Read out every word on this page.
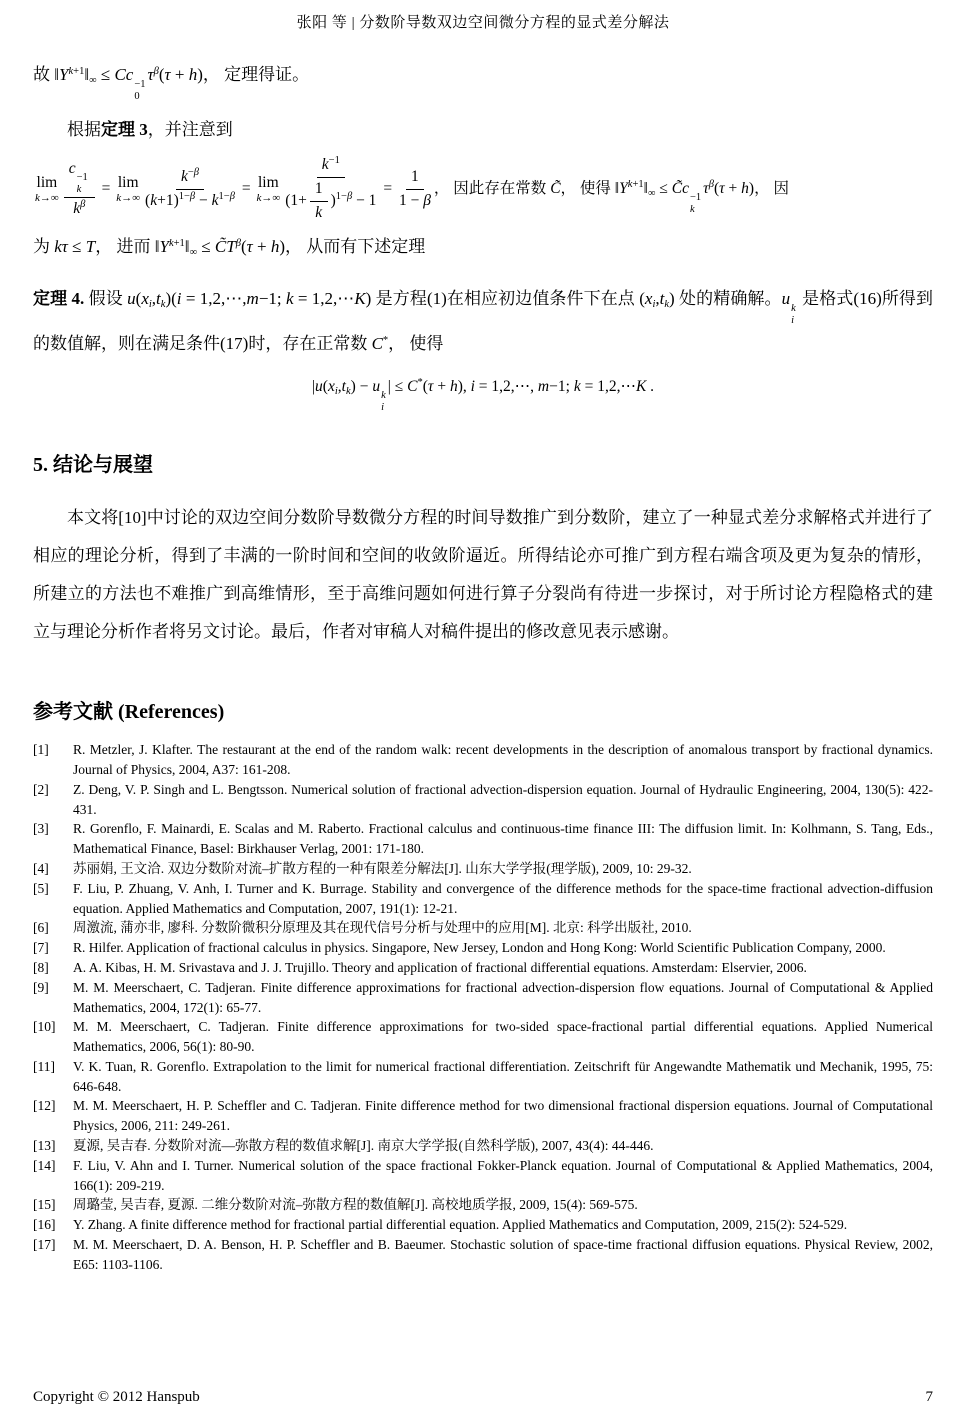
张阳 等 | 分数阶导数双边空间微分方程的显式差分解法

故 $‖Y^{k+1}‖_\infty \le Cc$
−1
0
$\tau^\beta(\tau + h)$， 定理得证。

根据定理 3，并注意到

lim
k→∞ c
−1
k
$k^\beta = \lim$
$k\to\infty \frac{k^{-\beta}}{(k+1)^{1-\beta} - k^{1-\beta}} = \lim$
$k\to\infty \frac{k^{-1}}{(1+ \frac{1}{k} )^{1-\beta} - 1} = \frac{1}{1 - \beta}$ ， 因此存在常数 C̃， 使得 $‖Y^{k+1}‖_\infty$ ≤ C̃c
−1
k
$\tau^\beta(\tau + h)$， 因

为 kτ ≤ T， 进而 $‖Y^{k+1}‖_\infty$ ≤ $C̃T^\beta(\tau + h)$， 从而有下述定理

定理 4. 假设 $u(x_i,t_k)(i$ = 1,2,⋯,m−1; k = 1,2,⋯K) 是方程(1)在相应初边值条件下在点 $(x_i,t_k)$ 处的精确解。u
k
i
是格式(16)所得到的数值解，则在满足条件(17)时，存在正常数 C*， 使得

$|u(x_i,t_k) - u$
k
i
| ≤ C*(τ + h), i = 1,2,⋯, m−1; k = 1,2,⋯K .
5. 结论与展望

本文将[10]中讨论的双边空间分数阶导数微分方程的时间导数推广到分数阶，建立了一种显式差分求解格式并进行了相应的理论分析，得到了丰满的一阶时间和空间的收敛阶逼近。所得结论亦可推广到方程右端含项及更为复杂的情形，所建立的方法也不难推广到高维情形，至于高维问题如何进行算子分裂尚有待进一步探讨，对于所讨论方程隐格式的建立与理论分析作者将另文讨论。最后，作者对审稿人对稿件提出的修改意见表示感谢。

参考文献 (References)
[1]	R. Metzler, J. Klafter. The restaurant at the end of the random walk: recent developments in the description of anomalous transport by fractional dynamics. Journal of Physics, 2004, A37: 161-208.
[2]	Z. Deng, V. P. Singh and L. Bengtsson. Numerical solution of fractional advection-dispersion equation. Journal of Hydraulic Engineering, 2004, 130(5): 422-431.
[3]	R. Gorenflo, F. Mainardi, E. Scalas and M. Raberto. Fractional calculus and continuous-time finance III: The diffusion limit. In: Kolhmann, S. Tang, Eds., Mathematical Finance, Basel: Birkhauser Verlag, 2001: 171-180.
[4]	苏丽娟, 王文洽. 双边分数阶对流–扩散方程的一种有限差分解法[J]. 山东大学学报(理学版), 2009, 10: 29-32.
[5]	F. Liu, P. Zhuang, V. Anh, I. Turner and K. Burrage. Stability and convergence of the difference methods for the space-time fractional advection-diffusion equation. Applied Mathematics and Computation, 2007, 191(1): 12-21.
[6]	周激流, 蒲亦非, 廖科. 分数阶微积分原理及其在现代信号分析与处理中的应用[M]. 北京: 科学出版社, 2010.
[7]	R. Hilfer. Application of fractional calculus in physics. Singapore, New Jersey, London and Hong Kong: World Scientific Publication Company, 2000.
[8]	A. A. Kibas, H. M. Srivastava and J. J. Trujillo. Theory and application of fractional differential equations. Amsterdam: Elservier, 2006.
[9]	M. M. Meerschaert, C. Tadjeran. Finite difference approximations for fractional advection-dispersion flow equations. Journal of Computational & Applied Mathematics, 2004, 172(1): 65-77.
[10]	M. M. Meerschaert, C. Tadjeran. Finite difference approximations for two-sided space-fractional partial differential equations. Applied Numerical Mathematics, 2006, 56(1): 80-90.
[11]	V. K. Tuan, R. Gorenflo. Extrapolation to the limit for numerical fractional differentiation. Zeitschrift für Angewandte Mathematik und Mechanik, 1995, 75: 646-648.
[12]	M. M. Meerschaert, H. P. Scheffler and C. Tadjeran. Finite difference method for two dimensional fractional dispersion equations. Journal of Computational Physics, 2006, 211: 249-261.
[13]	夏源, 吴吉春. 分数阶对流—弥散方程的数值求解[J]. 南京大学学报(自然科学版), 2007, 43(4): 44-446.
[14]	F. Liu, V. Ahn and I. Turner. Numerical solution of the space fractional Fokker-Planck equation. Journal of Computational & Applied Mathematics, 2004, 166(1): 209-219.
[15]	周璐莹, 吴吉春, 夏源. 二维分数阶对流–弥散方程的数值解[J]. 高校地质学报, 2009, 15(4): 569-575.
[16]	Y. Zhang. A finite difference method for fractional partial differential equation. Applied Mathematics and Computation, 2009, 215(2): 524-529.
[17]	M. M. Meerschaert, D. A. Benson, H. P. Scheffler and B. Baeumer. Stochastic solution of space-time fractional diffusion equations. Physical Review, 2002, E65: 1103-1106.
Copyright © 2012 Hanspub	7
